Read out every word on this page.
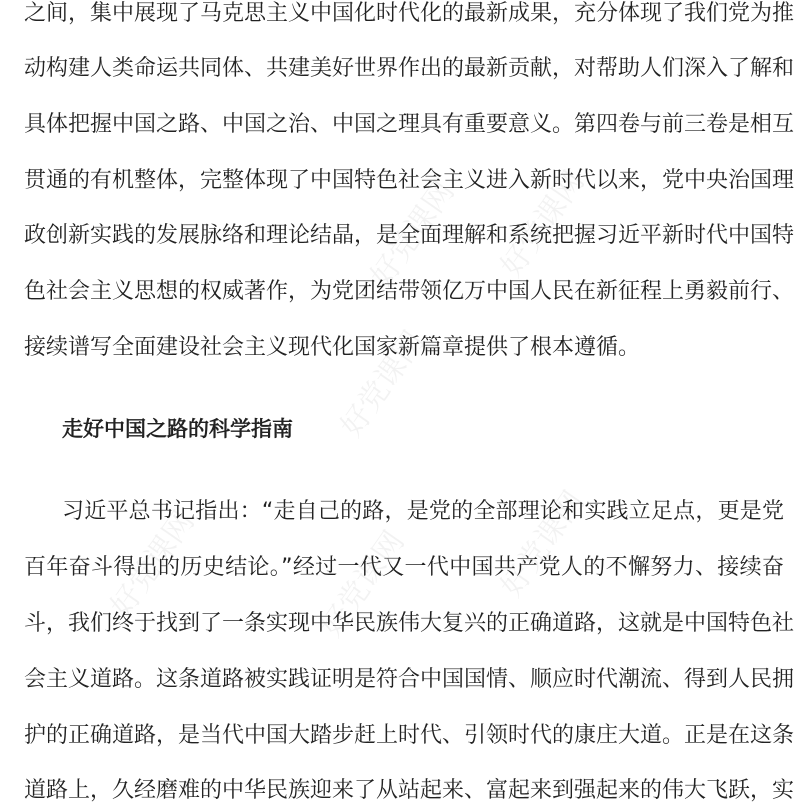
好党课网 好党课网
好党课网
好党课网
好党课网	好党课网
之间，集中展现了马克思主义中国化时代化的最新成果，充分体现了我们党为推
动构建人类命运共同体、共建美好世界作出的最新贡献，对帮助人们深入了解和
具体把握中国之路、中国之治、中国之理具有重要意义。第四卷与前三卷是相互
贯通的有机整体，完整体现了中国特色社会主义进入新时代以来，党中央治国理
政创新实践的发展脉络和理论结晶，是全面理解和系统把握习近平新时代中国特
色社会主义思想的权威著作，为党团结带领亿万中国人民在新征程上勇毅前行、
接续谱写全面建设社会主义现代化国家新篇章提供了根本遵循。
走好中国之路的科学指南
习近平总书记指出：“走自己的路，是党的全部理论和实践立足点，更是党
百年奋斗得出的历史结论。”经过一代又一代中国共产党人的不懈努力、接续奋
斗，我们终于找到了一条实现中华民族伟大复兴的正确道路，这就是中国特色社
会主义道路。这条道路被实践证明是符合中国国情、顺应时代潮流、得到人民拥
护的正确道路，是当代中国大踏步赶上时代、引领时代的康庄大道。正是在这条
道路上，久经磨难的中华民族迎来了从站起来、富起来到强起来的伟大飞跃，实
